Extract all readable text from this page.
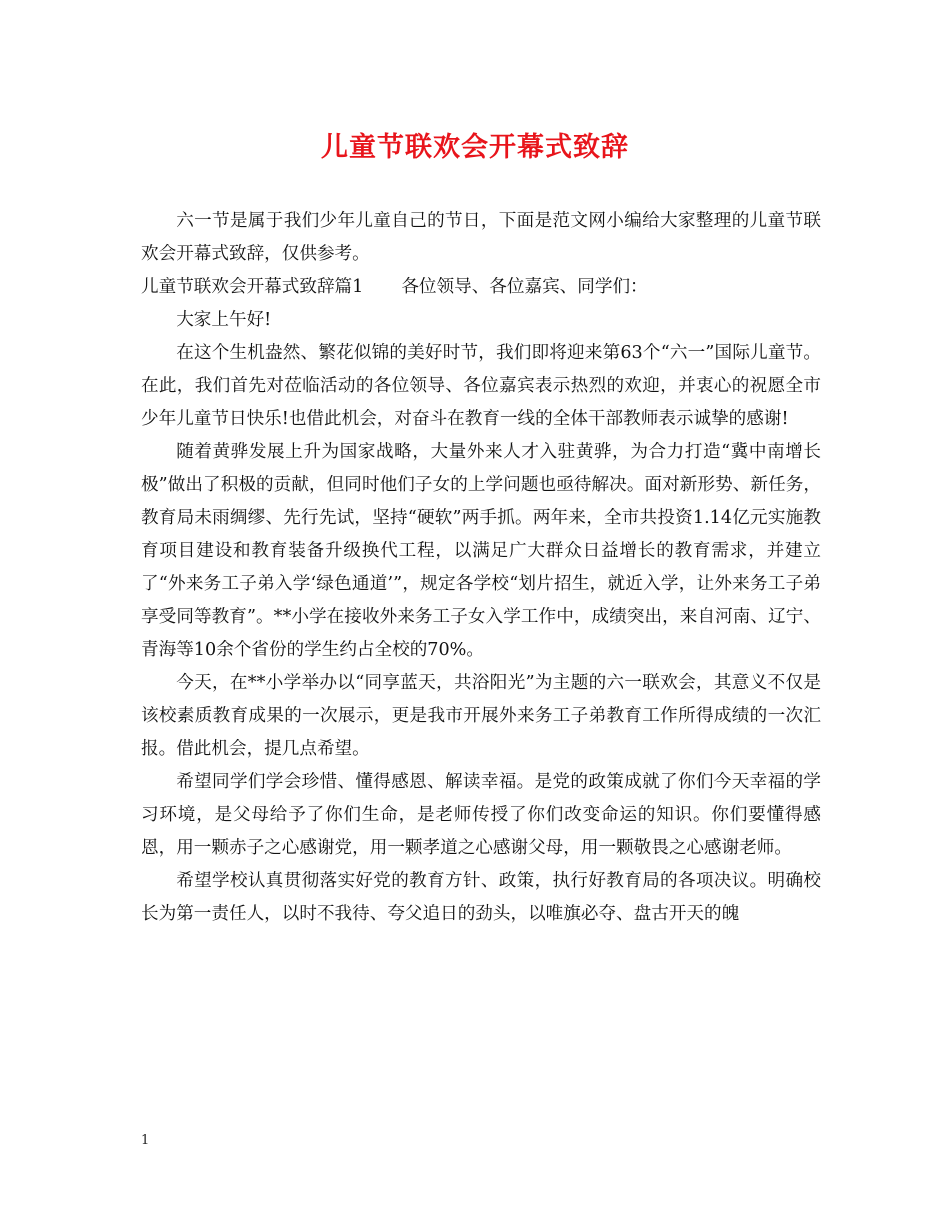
儿童节联欢会开幕式致辞

六一节是属于我们少年儿童自己的节日，下面是范文网小编给大家整理的儿童节联欢会开幕式致辞，仅供参考。

儿童节联欢会开幕式致辞篇1 各位领导、各位嘉宾、同学们：

大家上午好!

在这个生机盎然、繁花似锦的美好时节，我们即将迎来第63个“六一”国际儿童节。在此，我们首先对莅临活动的各位领导、各位嘉宾表示热烈的欢迎，并衷心的祝愿全市少年儿童节日快乐!也借此机会，对奋斗在教育一线的全体干部教师表示诚挚的感谢!

随着黄骅发展上升为国家战略，大量外来人才入驻黄骅，为合力打造“冀中南增长极”做出了积极的贡献，但同时他们子女的上学问题也亟待解决。面对新形势、新任务，教育局未雨绸缪、先行先试，坚持“硬软”两手抓。两年来，全市共投资1.14亿元实施教育项目建设和教育装备升级换代工程，以满足广大群众日益增长的教育需求，并建立了“外来务工子弟入学‘绿色通道’”，规定各学校“划片招生，就近入学，让外来务工子弟享受同等教育”。**小学在接收外来务工子女入学工作中，成绩突出，来自河南、辽宁、青海等10余个省份的学生约占全校的70%。

今天，在**小学举办以“同享蓝天，共浴阳光”为主题的六一联欢会，其意义不仅是该校素质教育成果的一次展示，更是我市开展外来务工子弟教育工作所得成绩的一次汇报。借此机会，提几点希望。

希望同学们学会珍惜、懂得感恩、解读幸福。是党的政策成就了你们今天幸福的学习环境，是父母给予了你们生命，是老师传授了你们改变命运的知识。你们要懂得感恩，用一颗赤子之心感谢党，用一颗孝道之心感谢父母，用一颗敬畏之心感谢老师。

希望学校认真贯彻落实好党的教育方针、政策，执行好教育局的各项决议。明确校长为第一责任人，以时不我待、夸父追日的劲头，以唯旗必夺、盘古开天的魄

1
